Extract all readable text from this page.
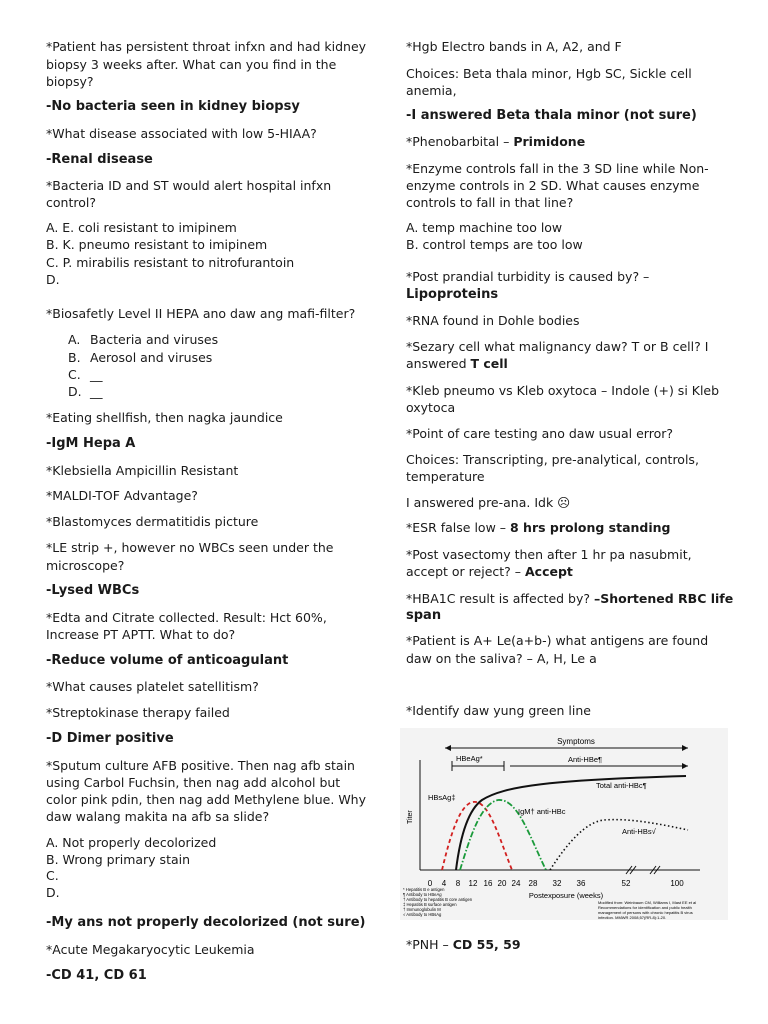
*Patient has persistent throat infxn and had kidney
biopsy 3 weeks after. What can you find in the
biopsy?
-No bacteria seen in kidney biopsy
*What disease associated with low 5-HIAA?
-Renal disease
*Bacteria ID and ST would alert hospital infxn
control?
A. E. coli resistant to imipinem
B. K. pneumo resistant to imipinem
C. P. mirabilis resistant to nitrofurantoin
D.
*Biosafetly Level II HEPA ano daw ang mafi-filter?
A. Bacteria and viruses
B. Aerosol and viruses
C. __
D. __
*Eating shellfish, then nagka jaundice
-IgM Hepa A
*Klebsiella Ampicillin Resistant
*MALDI-TOF Advantage?
*Blastomyces dermatitidis picture
*LE strip +, however no WBCs seen under the
microscope?
-Lysed WBCs
*Edta and Citrate collected. Result: Hct 60%,
Increase PT APTT. What to do?
-Reduce volume of anticoagulant
*What causes platelet satellitism?
*Streptokinase therapy failed
-D Dimer positive
*Sputum culture AFB positive. Then nag afb stain
using Carbol Fuchsin, then nag add alcohol but
color pink pdin, then nag add Methylene blue. Why
daw walang makita na afb sa slide?
A. Not properly decolorized
B. Wrong primary stain
C.
D.
-My ans not properly decolorized (not sure)
*Acute Megakaryocytic Leukemia
-CD 41, CD 61
*Hgb Electro bands in A, A2, and F
Choices: Beta thala minor, Hgb SC, Sickle cell
anemia,
-I answered Beta thala minor (not sure)
*Phenobarbital – Primidone
*Enzyme controls fall in the 3 SD line while Non-
enzyme controls in 2 SD. What causes enzyme
controls to fall in that line?
A. temp machine too low
B. control temps are too low
*Post prandial turbidity is caused by? –
Lipoproteins
*RNA found in Dohle bodies
*Sezary cell what malignancy daw? T or B cell? I
answered T cell
*Kleb pneumo vs Kleb oxytoca – Indole (+) si Kleb
oxytoca
*Point of care testing ano daw usual error?
Choices: Transcripting, pre-analytical, controls,
temperature
I answered pre-ana. Idk ☹
*ESR false low – 8 hrs prolong standing
*Post vasectomy then after 1 hr pa nasubmit,
accept or reject? – Accept
*HBA1C result is affected by? –Shortened RBC life
span
*Patient is A+ Le(a+b-) what antigens are found
daw on the saliva? – A, H, Le a
*Identify daw yung green line
*PNH – CD 55, 59
Symptoms
HBeAg*	Anti-HBe¶
Titer
Total anti-HBc¶
HBsAg‡
IgM† anti-HBc
Anti-HBs√
0 4 8 12 16 20 24 28 32 36	52	100
Postexposure (weeks)
* Hepatitis B e antigen
¶ Antibody to HBeAg
† Antibody to hepatitis B core antigen
‡ Hepatitis B surface antigen
† Immunoglobulin M
√ Antibody to HBsAg
Modified from: Weinbaum CM, Williams I, Mast EE et al
Recommendations for identification and public health
management of persons with chronic hepatitis B virus
infection. MMWR 2008;57(RR-8):1-20.
